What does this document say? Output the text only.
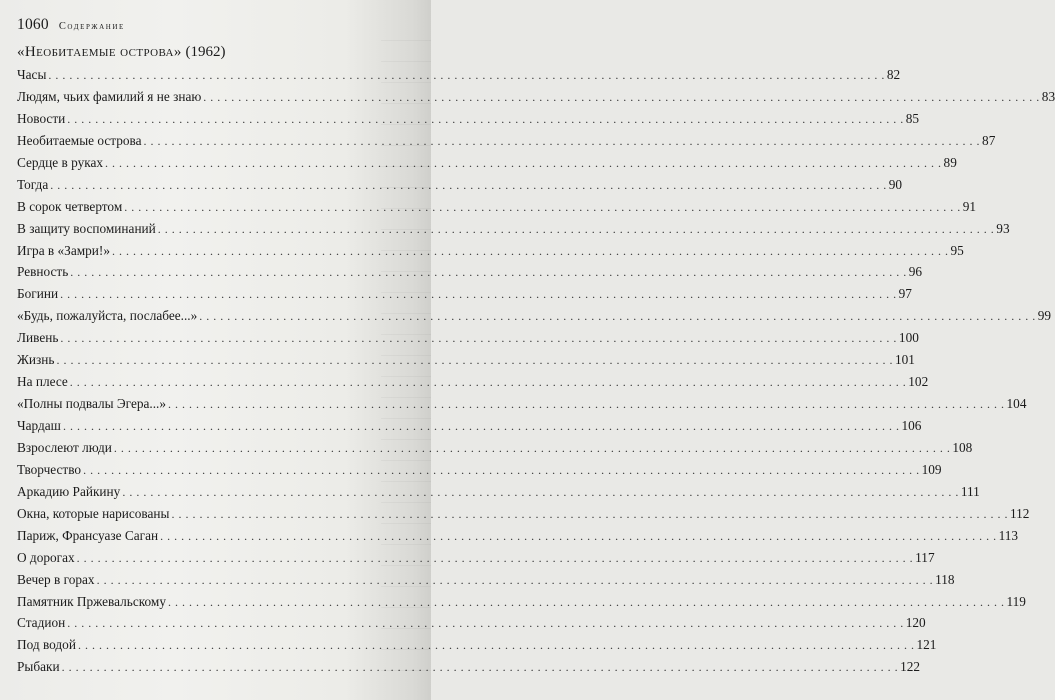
1060 Содержание
«Необитаемые острова» (1962)
Часы . . . . . . . . . . . . . . . . . . . . . . . . . . . . . . . . . . . . . . . . . . . . . . . . . . . . . . . . . . . . . . . . . . . . . . . . . . . . . . . . . . . . . . . . . . . . . . . . . . . . . . . . . . . . . . . . . . . . . . . . 82
Людям, чьих фамилий я не знаю . . . . . . . . . . . . . . . . . . . . . . . . . . . . . . . . . . . . . . . . . . . . . . . . . . . . . . . . . . . . . . . . . . . . . . . . . . . . . . . . . . . . . . . . . . . . . . . . . . . . . . . . . . . . . . . . . . . . . . . . 83
Новости . . . . . . . . . . . . . . . . . . . . . . . . . . . . . . . . . . . . . . . . . . . . . . . . . . . . . . . . . . . . . . . . . . . . . . . . . . . . . . . . . . . . . . . . . . . . . . . . . . . . . . . . . . . . . . . . . . . . . . . . 85
Необитаемые острова . . . . . . . . . . . . . . . . . . . . . . . . . . . . . . . . . . . . . . . . . . . . . . . . . . . . . . . . . . . . . . . . . . . . . . . . . . . . . . . . . . . . . . . . . . . . . . . . . . . . . . . . . . . . . . . . . . . . . . . . 87
Сердце в руках . . . . . . . . . . . . . . . . . . . . . . . . . . . . . . . . . . . . . . . . . . . . . . . . . . . . . . . . . . . . . . . . . . . . . . . . . . . . . . . . . . . . . . . . . . . . . . . . . . . . . . . . . . . . . . . . . . . . . . . . 89
Тогда . . . . . . . . . . . . . . . . . . . . . . . . . . . . . . . . . . . . . . . . . . . . . . . . . . . . . . . . . . . . . . . . . . . . . . . . . . . . . . . . . . . . . . . . . . . . . . . . . . . . . . . . . . . . . . . . . . . . . . . . 90
В сорок четвертом . . . . . . . . . . . . . . . . . . . . . . . . . . . . . . . . . . . . . . . . . . . . . . . . . . . . . . . . . . . . . . . . . . . . . . . . . . . . . . . . . . . . . . . . . . . . . . . . . . . . . . . . . . . . . . . . . . . . . . . . 91
В защиту воспоминаний . . . . . . . . . . . . . . . . . . . . . . . . . . . . . . . . . . . . . . . . . . . . . . . . . . . . . . . . . . . . . . . . . . . . . . . . . . . . . . . . . . . . . . . . . . . . . . . . . . . . . . . . . . . . . . . . . . . . . . . . 93
Игра в «Замри!» . . . . . . . . . . . . . . . . . . . . . . . . . . . . . . . . . . . . . . . . . . . . . . . . . . . . . . . . . . . . . . . . . . . . . . . . . . . . . . . . . . . . . . . . . . . . . . . . . . . . . . . . . . . . . . . . . . . . . . . . 95
Ревность . . . . . . . . . . . . . . . . . . . . . . . . . . . . . . . . . . . . . . . . . . . . . . . . . . . . . . . . . . . . . . . . . . . . . . . . . . . . . . . . . . . . . . . . . . . . . . . . . . . . . . . . . . . . . . . . . . . . . . . . 96
Богини . . . . . . . . . . . . . . . . . . . . . . . . . . . . . . . . . . . . . . . . . . . . . . . . . . . . . . . . . . . . . . . . . . . . . . . . . . . . . . . . . . . . . . . . . . . . . . . . . . . . . . . . . . . . . . . . . . . . . . . . 97
«Будь, пожалуйста, послабее...» . . . . . . . . . . . . . . . . . . . . . . . . . . . . . . . . . . . . . . . . . . . . . . . . . . . . . . . . . . . . . . . . . . . . . . . . . . . . . . . . . . . . . . . . . . . . . . . . . . . . . . . . . . . . . . . . . . . . . . . . 99
Ливень . . . . . . . . . . . . . . . . . . . . . . . . . . . . . . . . . . . . . . . . . . . . . . . . . . . . . . . . . . . . . . . . . . . . . . . . . . . . . . . . . . . . . . . . . . . . . . . . . . . . . . . . . . . . . . . . . . . . . . . . 100
Жизнь . . . . . . . . . . . . . . . . . . . . . . . . . . . . . . . . . . . . . . . . . . . . . . . . . . . . . . . . . . . . . . . . . . . . . . . . . . . . . . . . . . . . . . . . . . . . . . . . . . . . . . . . . . . . . . . . . . . . . . . . 101
На плесе . . . . . . . . . . . . . . . . . . . . . . . . . . . . . . . . . . . . . . . . . . . . . . . . . . . . . . . . . . . . . . . . . . . . . . . . . . . . . . . . . . . . . . . . . . . . . . . . . . . . . . . . . . . . . . . . . . . . . . . . 102
«Полны подвалы Эгера...» . . . . . . . . . . . . . . . . . . . . . . . . . . . . . . . . . . . . . . . . . . . . . . . . . . . . . . . . . . . . . . . . . . . . . . . . . . . . . . . . . . . . . . . . . . . . . . . . . . . . . . . . . . . . . . . . . . . . . . . . 104
Чардаш . . . . . . . . . . . . . . . . . . . . . . . . . . . . . . . . . . . . . . . . . . . . . . . . . . . . . . . . . . . . . . . . . . . . . . . . . . . . . . . . . . . . . . . . . . . . . . . . . . . . . . . . . . . . . . . . . . . . . . . . 106
Взрослеют люди . . . . . . . . . . . . . . . . . . . . . . . . . . . . . . . . . . . . . . . . . . . . . . . . . . . . . . . . . . . . . . . . . . . . . . . . . . . . . . . . . . . . . . . . . . . . . . . . . . . . . . . . . . . . . . . . . . . . . . . . 108
Творчество . . . . . . . . . . . . . . . . . . . . . . . . . . . . . . . . . . . . . . . . . . . . . . . . . . . . . . . . . . . . . . . . . . . . . . . . . . . . . . . . . . . . . . . . . . . . . . . . . . . . . . . . . . . . . . . . . . . . . . . . 109
Аркадию Райкину . . . . . . . . . . . . . . . . . . . . . . . . . . . . . . . . . . . . . . . . . . . . . . . . . . . . . . . . . . . . . . . . . . . . . . . . . . . . . . . . . . . . . . . . . . . . . . . . . . . . . . . . . . . . . . . . . . . . . . . . 111
Окна, которые нарисованы . . . . . . . . . . . . . . . . . . . . . . . . . . . . . . . . . . . . . . . . . . . . . . . . . . . . . . . . . . . . . . . . . . . . . . . . . . . . . . . . . . . . . . . . . . . . . . . . . . . . . . . . . . . . . . . . . . . . . . . . 112
Париж, Франсуазе Саган . . . . . . . . . . . . . . . . . . . . . . . . . . . . . . . . . . . . . . . . . . . . . . . . . . . . . . . . . . . . . . . . . . . . . . . . . . . . . . . . . . . . . . . . . . . . . . . . . . . . . . . . . . . . . . . . . . . . . . . . 113
О дорогах . . . . . . . . . . . . . . . . . . . . . . . . . . . . . . . . . . . . . . . . . . . . . . . . . . . . . . . . . . . . . . . . . . . . . . . . . . . . . . . . . . . . . . . . . . . . . . . . . . . . . . . . . . . . . . . . . . . . . . . . 117
Вечер в горах . . . . . . . . . . . . . . . . . . . . . . . . . . . . . . . . . . . . . . . . . . . . . . . . . . . . . . . . . . . . . . . . . . . . . . . . . . . . . . . . . . . . . . . . . . . . . . . . . . . . . . . . . . . . . . . . . . . . . . . . 118
Памятник Пржевальскому . . . . . . . . . . . . . . . . . . . . . . . . . . . . . . . . . . . . . . . . . . . . . . . . . . . . . . . . . . . . . . . . . . . . . . . . . . . . . . . . . . . . . . . . . . . . . . . . . . . . . . . . . . . . . . . . . . . . . . . . 119
Стадион . . . . . . . . . . . . . . . . . . . . . . . . . . . . . . . . . . . . . . . . . . . . . . . . . . . . . . . . . . . . . . . . . . . . . . . . . . . . . . . . . . . . . . . . . . . . . . . . . . . . . . . . . . . . . . . . . . . . . . . . 120
Под водой . . . . . . . . . . . . . . . . . . . . . . . . . . . . . . . . . . . . . . . . . . . . . . . . . . . . . . . . . . . . . . . . . . . . . . . . . . . . . . . . . . . . . . . . . . . . . . . . . . . . . . . . . . . . . . . . . . . . . . . . 121
Рыбаки . . . . . . . . . . . . . . . . . . . . . . . . . . . . . . . . . . . . . . . . . . . . . . . . . . . . . . . . . . . . . . . . . . . . . . . . . . . . . . . . . . . . . . . . . . . . . . . . . . . . . . . . . . . . . . . . . . . . . . . . 122
